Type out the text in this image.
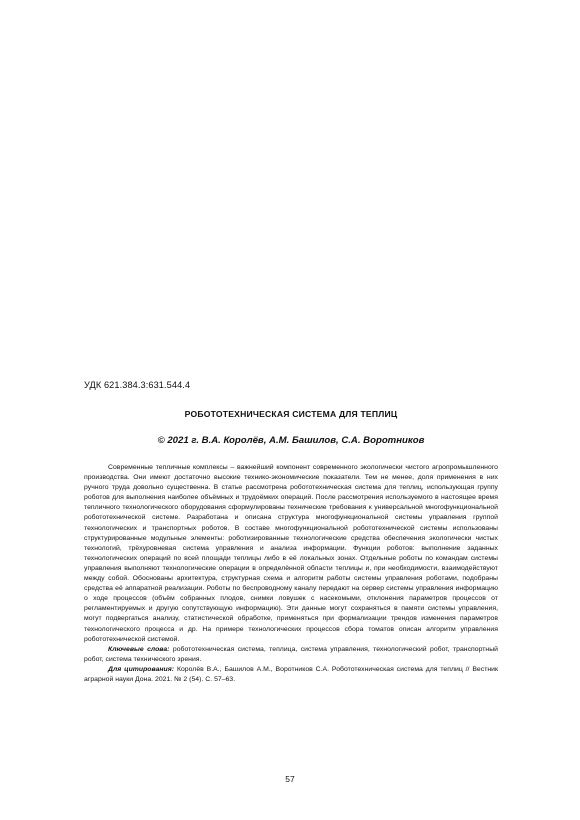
УДК 621.384.3:631.544.4
РОБОТОТЕХНИЧЕСКАЯ СИСТЕМА ДЛЯ ТЕПЛИЦ
© 2021 г. В.А. Королёв, А.М. Башилов, С.А. Воротников

Современные тепличные комплексы – важнейший компонент современного экологически чистого агропромышленного производства. Они имеют достаточно высокие технико-экономические показатели. Тем не менее, доля применения в них ручного труда довольно существенна. В статье рассмотрена робототехническая система для теплиц, использующая группу роботов для выполнения наиболее объёмных и трудоёмких операций. После рассмотрения используемого в настоящее время тепличного технологического оборудования сформулированы технические требования к универсальной многофункциональной робототехнической системе. Разработана и описана структура многофункциональной системы управления группой технологических и транспортных роботов. В составе многофункциональной робототехнической системы использованы структурированные модульные элементы: роботизированные технологические средства обеспечения экологически чистых технологий, трёхуровневая система управления и анализа информации. Функции роботов: выполнение заданных технологических операций по всей площади теплицы либо в её локальных зонах. Отдельные роботы по командам системы управления выполняют технологические операции в определённой области теплицы и, при необходимости, взаимодействуют между собой. Обоснованы архитектура, структурная схема и алгоритм работы системы управления роботами, подобраны средства её аппаратной реализации. Роботы по беспроводному каналу передают на сервер системы управления информацию о ходе процессов (объём собранных плодов, снимки ловушек с насекомыми, отклонения параметров процессов от регламентируемых и другую сопутствующую информацию). Эти данные могут сохраняться в памяти системы управления, могут подвергаться анализу, статистической обработке, применяться при формализации трендов изменения параметров технологического процесса и др. На примере технологических процессов сбора томатов описан алгоритм управления робототехнической системой.

Ключевые слова: робототехническая система, теплица, система управления, технологический робот, транспортный робот, система технического зрения.

Для цитирования: Королёв В.А., Башилов А.М., Воротников С.А. Робототехническая система для теплиц // Вестник аграрной науки Дона. 2021. № 2 (54). С. 57–63.

57
